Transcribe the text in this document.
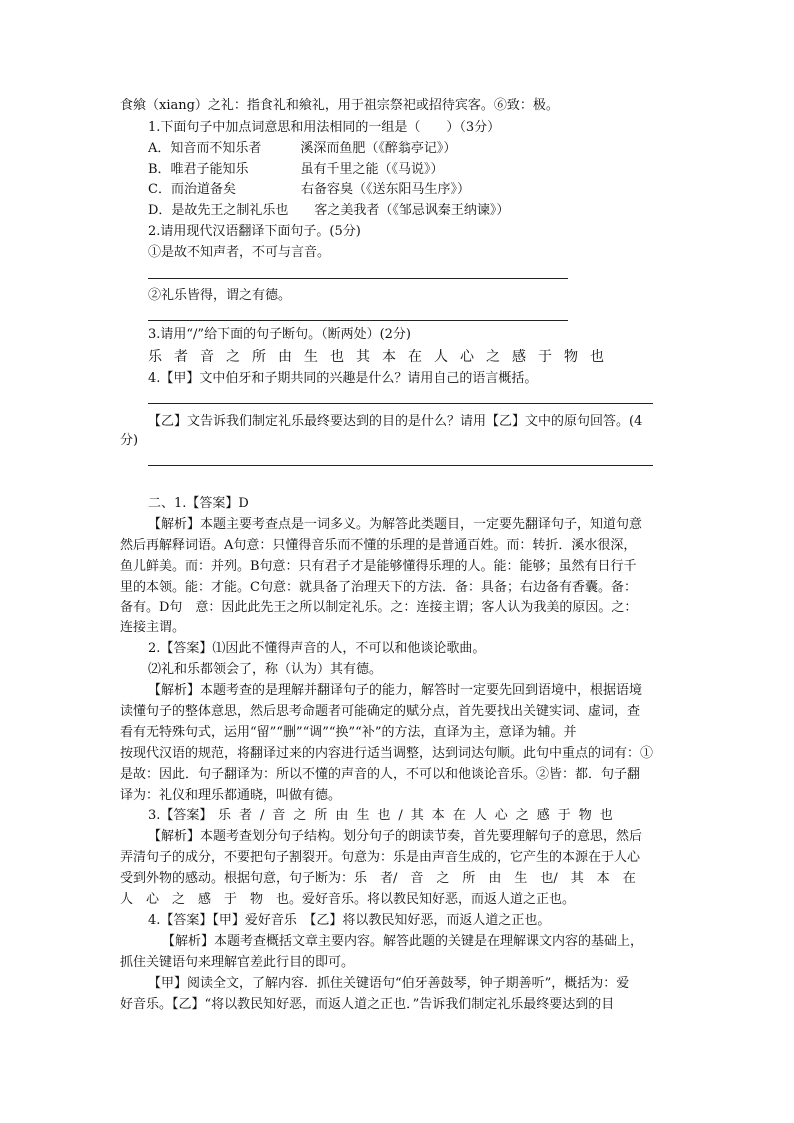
食飨（xiang）之礼：指食礼和飨礼，用于祖宗祭祀或招待宾客。⑥致：极。
1.下面句子中加点词意思和用法相同的一组是（　　）（3分）
A．知音而不知乐者　　　溪深而鱼肥（《醉翁亭记》）
B．唯君子能知乐　　　　虽有千里之能（《马说》）
C．而治道备矣　　　　　右备容臭（《送东阳马生序》）
D．是故先王之制礼乐也　　客之美我者（《邹忌讽秦王纳谏》）
2.请用现代汉语翻译下面句子。(5分)
①是故不知声者，不可与言音。
②礼乐皆得，谓之有德。
3.请用“/”给下面的句子断句。（断两处）(2分)
乐者音之所由生也其本在人心之感于物也
4.【甲】文中伯牙和子期共同的兴趣是什么？请用自己的语言概括。
【乙】文告诉我们制定礼乐最终要达到的目的是什么？请用【乙】文中的原句回答。(4
分)
二、1.【答案】D
【解析】本题主要考查点是一词多义。为解答此类题目，一定要先翻译句子，知道句意
然后再解释词语。A句意：只懂得音乐而不懂的乐理的是普通百姓。而：转折．溪水很深，
鱼儿鲜美。而：并列。B句意：只有君子才是能够懂得乐理的人。能：能够；虽然有日行千
里的本领。能：才能。C句意：就具备了治理天下的方法．备：具备；右边备有香囊。备：
备有。D句　意：因此此先王之所以制定礼乐。之：连接主谓；客人认为我美的原因。之：
连接主谓。
2.【答案】⑴因此不懂得声音的人，不可以和他谈论歌曲。
⑵礼和乐都领会了，称（认为）其有德。
【解析】本题考查的是理解并翻译句子的能力，解答时一定要先回到语境中，根据语境
读懂句子的整体意思，然后思考命题者可能确定的赋分点，首先要找出关键实词、虚词，查
看有无特殊句式，运用“留”“删”“调”“换”“补”的方法，直译为主，意译为辅。并
按现代汉语的规范，将翻译过来的内容进行适当调整，达到词达句顺。此句中重点的词有：①
是故：因此．句子翻译为：所以不懂的声音的人，不可以和他谈论音乐。②皆：都．句子翻
译为：礼仪和理乐都通晓，叫做有德。
3.【答案】 乐者/音之所由生也/其本在人心之感于物也
【解析】本题考查划分句子结构。划分句子的朗读节奏，首先要理解句子的意思，然后
弄清句子的成分，不要把句子割裂开。句意为：乐是由声音生成的，它产生的本源在于人心
受到外物的感动。根据句意，句子断为：乐　者/　音　之　所　由　生　也/　其　本　在
人　心　之　感　于　物　也。爱好音乐。将以教民知好恶，而返人道之正也。
4.【答案】【甲】爱好音乐　【乙】将以教民知好恶，而返人道之正也。
【解析】本题考查概括文章主要内容。解答此题的关键是在理解课文内容的基础上，
抓住关键语句来理解官差此行目的即可。
【甲】阅读全文，了解内容．抓住关键语句“伯牙善鼓琴，钟子期善听”，概括为：爱
好音乐。【乙】“将以教民知好恶，而返人道之正也．”告诉我们制定礼乐最终要达到的目
